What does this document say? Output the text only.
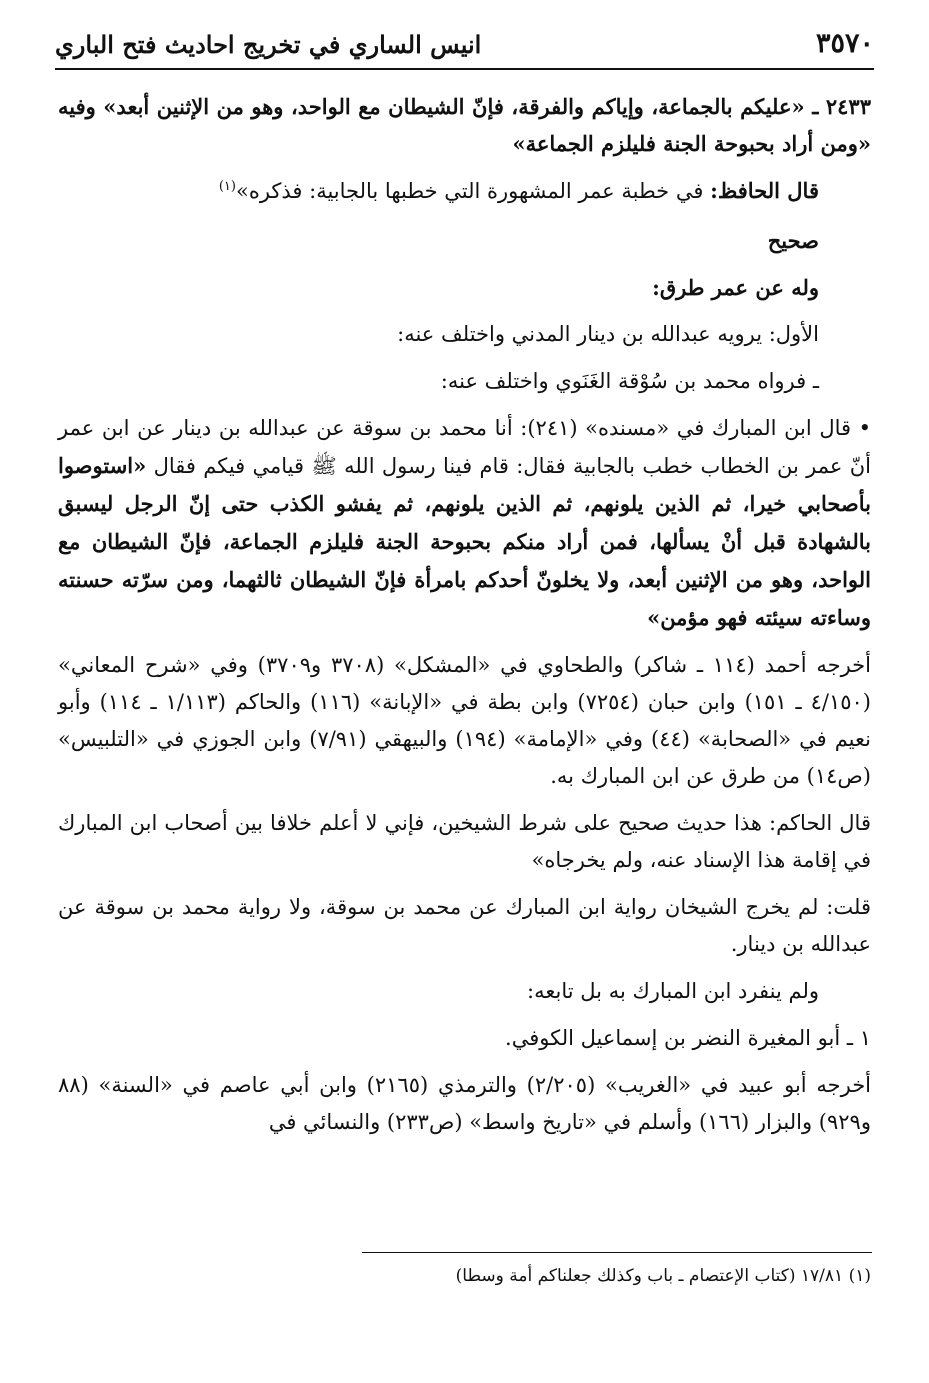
٣٥٧٠
انيس الساري في تخريج احاديث فتح الباري

٢٤٣٣ ـ «عليكم بالجماعة، وإياكم والفرقة، فإنّ الشيطان مع الواحد، وهو من الإثنين أبعد» وفيه «ومن أراد بحبوحة الجنة فليلزم الجماعة»

قال الحافظ: في خطبة عمر المشهورة التي خطبها بالجابية: فذكره»$^{(١)}$

صحيح

وله عن عمر طرق:

الأول: يرويه عبدالله بن دينار المدني واختلف عنه:

ـ فرواه محمد بن سُوْقة الغَنَوي واختلف عنه:

• قال ابن المبارك في «مسنده» (٢٤١): أنا محمد بن سوقة عن عبدالله بن دينار عن ابن عمر أنّ عمر بن الخطاب خطب بالجابية فقال: قام فينا رسول الله ﷺ قيامي فيكم فقال «استوصوا بأصحابي خيرا، ثم الذين يلونهم، ثم الذين يلونهم، ثم يفشو الكذب حتى إنّ الرجل ليسبق بالشهادة قبل أنْ يسألها، فمن أراد منكم بحبوحة الجنة فليلزم الجماعة، فإنّ الشيطان مع الواحد، وهو من الإثنين أبعد، ولا يخلونّ أحدكم بامرأة فإنّ الشيطان ثالثهما، ومن سرّته حسنته وساءته سيئته فهو مؤمن»

أخرجه أحمد (١١٤ ـ شاكر) والطحاوي في «المشكل» (٣٧٠٨ و٣٧٠٩) وفي «شرح المعاني» (٤/١٥٠ ـ ١٥١) وابن حبان (٧٢٥٤) وابن بطة في «الإبانة» (١١٦) والحاكم (١/١١٣ ـ ١١٤) وأبو نعيم في «الصحابة» (٤٤) وفي «الإمامة» (١٩٤) والبيهقي (٧/٩١) وابن الجوزي في «التلبيس» (ص١٤) من طرق عن ابن المبارك به.

قال الحاكم: هذا حديث صحيح على شرط الشيخين، فإني لا أعلم خلافا بين أصحاب ابن المبارك في إقامة هذا الإسناد عنه، ولم يخرجاه»

قلت: لم يخرج الشيخان رواية ابن المبارك عن محمد بن سوقة، ولا رواية محمد بن سوقة عن عبدالله بن دينار.

ولم ينفرد ابن المبارك به بل تابعه:

١ ـ أبو المغيرة النضر بن إسماعيل الكوفي.

أخرجه أبو عبيد في «الغريب» (٢/٢٠٥) والترمذي (٢١٦٥) وابن أبي عاصم في «السنة» (٨٨ و٩٢٩) والبزار (١٦٦) وأسلم في «تاريخ واسط» (ص٢٣٣) والنسائي في

(١) ١٧/٨١ (كتاب الإعتصام ـ باب وكذلك جعلناكم أمة وسطا)
